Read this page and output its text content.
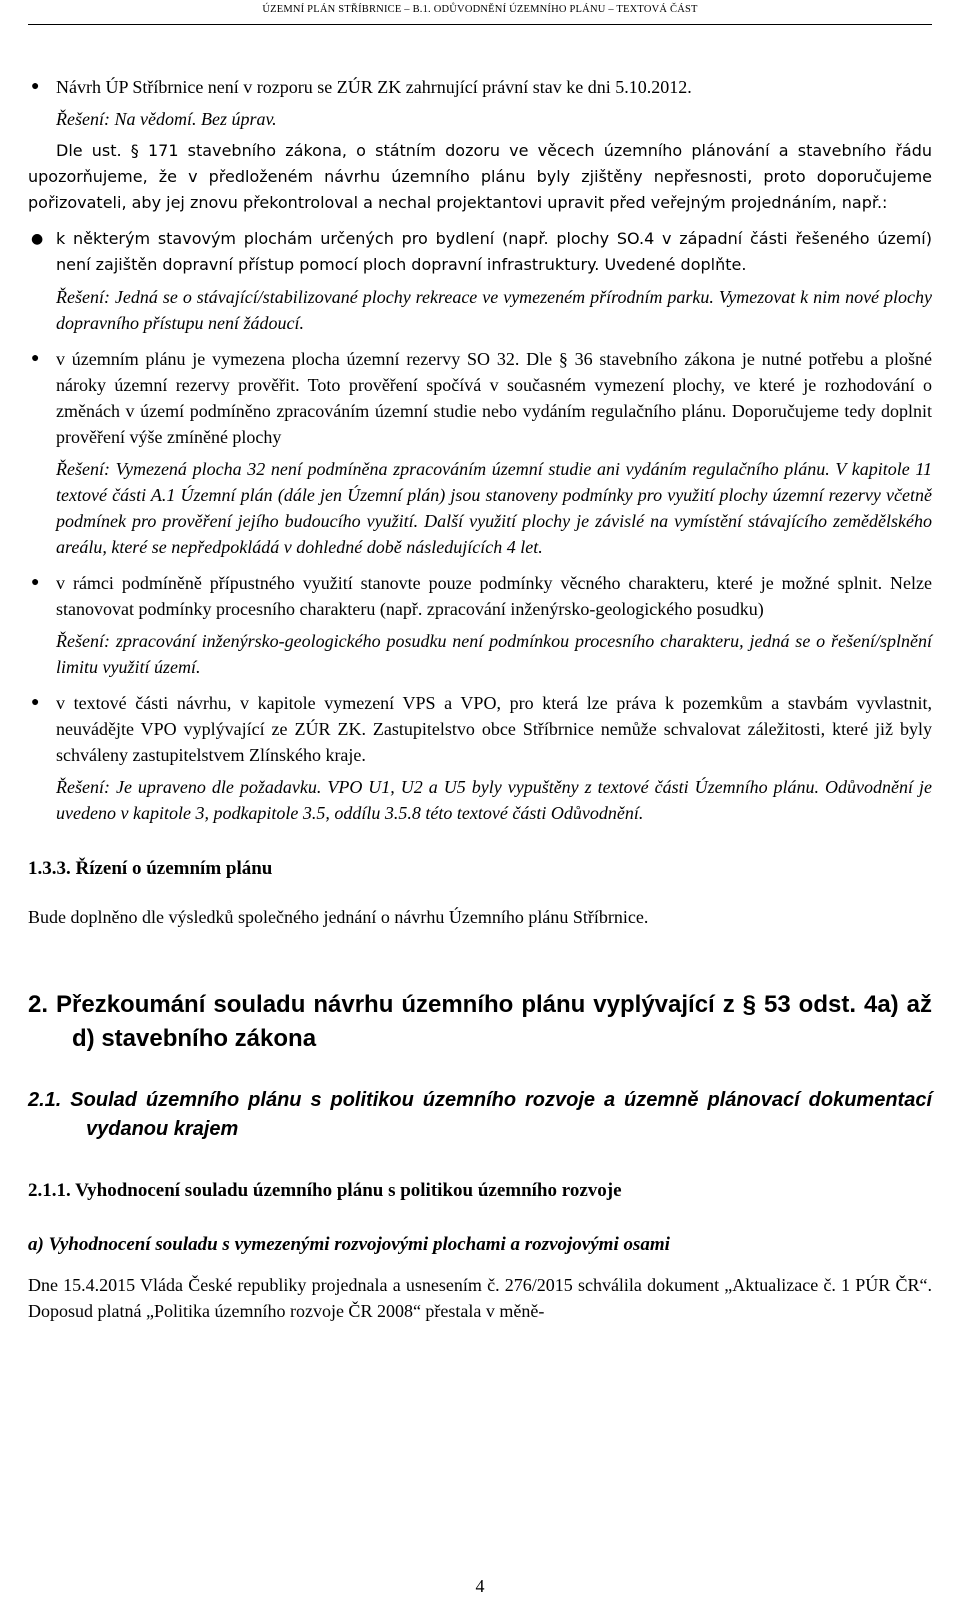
ÚZEMNÍ PLÁN STŘÍBRNICE – B.1. ODŮVODNĚNÍ ÚZEMNÍHO PLÁNU – TEXTOVÁ ČÁST

● Návrh ÚP Stříbrnice není v rozporu se ZÚR ZK zahrnující právní stav ke dni 5.10.2012.

Řešení: Na vědomí. Bez úprav.

Dle ust. § 171 stavebního zákona, o státním dozoru ve věcech územního plánování a stavebního řádu upozorňujeme, že v předloženém návrhu územního plánu byly zjištěny nepřesnosti, proto doporučujeme pořizovateli, aby jej znovu překontroloval a nechal projektantovi upravit před veřejným projednáním, např.:

● k některým stavovým plochám určených pro bydlení (např. plochy SO.4 v západní části řešeného území) není zajištěn dopravní přístup pomocí ploch dopravní infrastruktury. Uvedené doplňte.

Řešení: Jedná se o stávající/stabilizované plochy rekreace ve vymezeném přírodním parku. Vymezovat k nim nové plochy dopravního přístupu není žádoucí.

● v územním plánu je vymezena plocha územní rezervy SO 32. Dle § 36 stavebního zákona je nutné potřebu a plošné nároky územní rezervy prověřit. Toto prověření spočívá v současném vymezení plochy, ve které je rozhodování o změnách v území podmíněno zpracováním územní studie nebo vydáním regulačního plánu. Doporučujeme tedy doplnit prověření výše zmíněné plochy

Řešení: Vymezená plocha 32 není podmíněna zpracováním územní studie ani vydáním regulačního plánu. V kapitole 11 textové části A.1 Územní plán (dále jen Územní plán) jsou stanoveny podmínky pro využití plochy územní rezervy včetně podmínek pro prověření jejího budoucího využití. Další využití plochy je závislé na vymístění stávajícího zemědělského areálu, které se nepředpokládá v dohledné době následujících 4 let.

● v rámci podmíněně přípustného využití stanovte pouze podmínky věcného charakteru, které je možné splnit. Nelze stanovovat podmínky procesního charakteru (např. zpracování inženýrsko-geologického posudku)

Řešení: zpracování inženýrsko-geologického posudku není podmínkou procesního charakteru, jedná se o řešení/splnění limitu využití území.

● v textové části návrhu, v kapitole vymezení VPS a VPO, pro která lze práva k pozemkům a stavbám vyvlastnit, neuvádějte VPO vyplývající ze ZÚR ZK. Zastupitelstvo obce Stříbrnice nemůže schvalovat záležitosti, které již byly schváleny zastupitelstvem Zlínského kraje.

Řešení: Je upraveno dle požadavku. VPO U1, U2 a U5 byly vypuštěny z textové části Územního plánu. Odůvodnění je uvedeno v kapitole 3, podkapitole 3.5, oddílu 3.5.8 této textové části Odůvodnění.

1.3.3. Řízení o územním plánu

Bude doplněno dle výsledků společného jednání o návrhu Územního plánu Stříbrnice.

2. Přezkoumání souladu návrhu územního plánu vyplývající z § 53 odst. 4a) až d) stavebního zákona

2.1. Soulad územního plánu s politikou územního rozvoje a územně plánovací dokumentací vydanou krajem

2.1.1. Vyhodnocení souladu územního plánu s politikou územního rozvoje

a) Vyhodnocení souladu s vymezenými rozvojovými plochami a rozvojovými osami

Dne 15.4.2015 Vláda České republiky projednala a usnesením č. 276/2015 schválila dokument „Aktualizace č. 1 PÚR ČR“. Doposud platná „Politika územního rozvoje ČR 2008“ přestala v měně-

4
